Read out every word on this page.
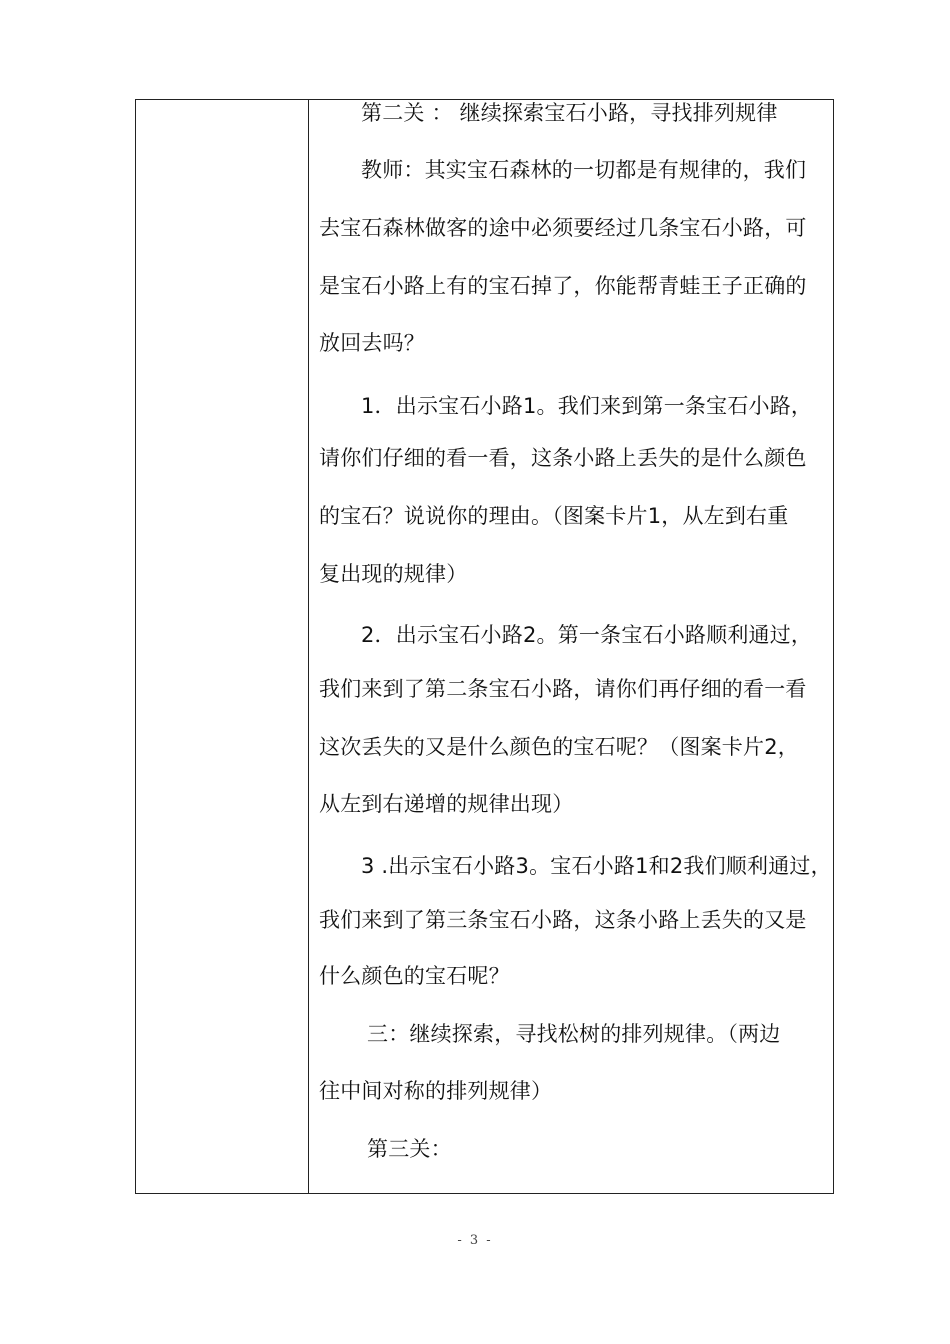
第二关 ： 继续探索宝石小路，寻找排列规律
教师：其实宝石森林的一切都是有规律的，我们
去宝石森林做客的途中必须要经过几条宝石小路，可
是宝石小路上有的宝石掉了，你能帮青蛙王子正确的
放回去吗？
1．出示宝石小路1。我们来到第一条宝石小路，
请你们仔细的看一看，这条小路上丢失的是什么颜色
的宝石？说说你的理由。（图案卡片1，从左到右重
复出现的规律）
2．出示宝石小路2。第一条宝石小路顺利通过，
我们来到了第二条宝石小路，请你们再仔细的看一看
这次丢失的又是什么颜色的宝石呢？（图案卡片2，
从左到右递增的规律出现）
3 .出示宝石小路3。宝石小路1和2我们顺利通过，
我们来到了第三条宝石小路，这条小路上丢失的又是
什么颜色的宝石呢？
三：继续探索，寻找松树的排列规律。（两边
往中间对称的排列规律）
第三关：
- 3 -
